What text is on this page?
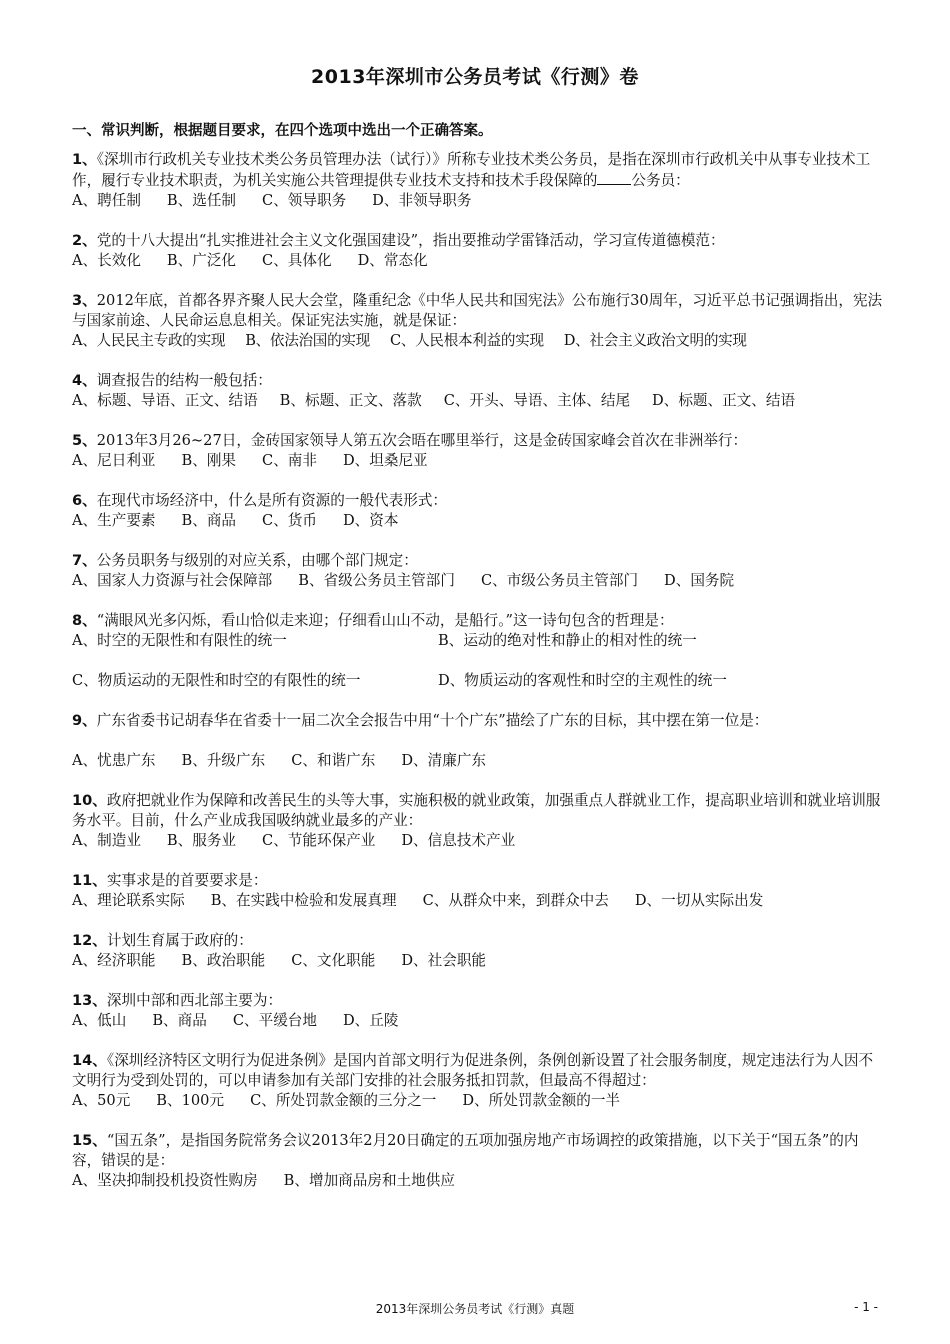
2013年深圳市公务员考试《行测》卷
一、常识判断，根据题目要求，在四个选项中选出一个正确答案。

1、《深圳市行政机关专业技术类公务员管理办法（试行）》所称专业技术类公务员，是指在深圳市行政机关中从事专业技术工作，履行专业技术职责，为机关实施公共管理提供专业技术支持和技术手段保障的 公务员：

A、聘任制 B、选任制 C、领导职务 D、非领导职务

2、党的十八大提出“扎实推进社会主义文化强国建设”，指出要推动学雷锋活动，学习宣传道德模范：

A、长效化 B、广泛化 C、具体化 D、常态化

3、2012年底，首都各界齐聚人民大会堂，隆重纪念《中华人民共和国宪法》公布施行30周年，习近平总书记强调指出，宪法与国家前途、人民命运息息相关。保证宪法实施，就是保证：

A、人民民主专政的实现 B、依法治国的实现 C、人民根本利益的实现 D、社会主义政治文明的实现

4、调查报告的结构一般包括：

A、标题、导语、正文、结语 B、标题、正文、落款 C、开头、导语、主体、结尾 D、标题、正文、结语

5、2013年3月26~27日，金砖国家领导人第五次会晤在哪里举行，这是金砖国家峰会首次在非洲举行：

A、尼日利亚 B、刚果 C、南非 D、坦桑尼亚

6、在现代市场经济中，什么是所有资源的一般代表形式：

A、生产要素 B、商品 C、货币 D、资本

7、公务员职务与级别的对应关系，由哪个部门规定：

A、国家人力资源与社会保障部 B、省级公务员主管部门 C、市级公务员主管部门 D、国务院

8、“满眼风光多闪烁，看山恰似走来迎；仔细看山山不动，是船行。”这一诗句包含的哲理是：

A、时空的无限性和有限性的统一	B、运动的绝对性和静止的相对性的统一

C、物质运动的无限性和时空的有限性的统一	D、物质运动的客观性和时空的主观性的统一

9、广东省委书记胡春华在省委十一届二次全会报告中用“十个广东”描绘了广东的目标，其中摆在第一位是：

A、忧患广东 B、升级广东 C、和谐广东 D、清廉广东

10、政府把就业作为保障和改善民生的头等大事，实施积极的就业政策，加强重点人群就业工作，提高职业培训和就业培训服务水平。目前，什么产业成我国吸纳就业最多的产业：

A、制造业 B、服务业 C、节能环保产业 D、信息技术产业

11、实事求是的首要要求是：

A、理论联系实际 B、在实践中检验和发展真理 C、从群众中来，到群众中去 D、一切从实际出发

12、计划生育属于政府的：

A、经济职能 B、政治职能 C、文化职能 D、社会职能

13、深圳中部和西北部主要为：

A、低山 B、商品 C、平缓台地 D、丘陵

14、《深圳经济特区文明行为促进条例》是国内首部文明行为促进条例，条例创新设置了社会服务制度，规定违法行为人因不文明行为受到处罚的，可以申请参加有关部门安排的社会服务抵扣罚款，但最高不得超过：

A、50元 B、100元 C、所处罚款金额的三分之一 D、所处罚款金额的一半

15、“国五条”，是指国务院常务会议2013年2月20日确定的五项加强房地产市场调控的政策措施，以下关于“国五条”的内容，错误的是：

A、坚决抑制投机投资性购房 B、增加商品房和土地供应

2013年深圳公务员考试《行测》真题	- 1 -
